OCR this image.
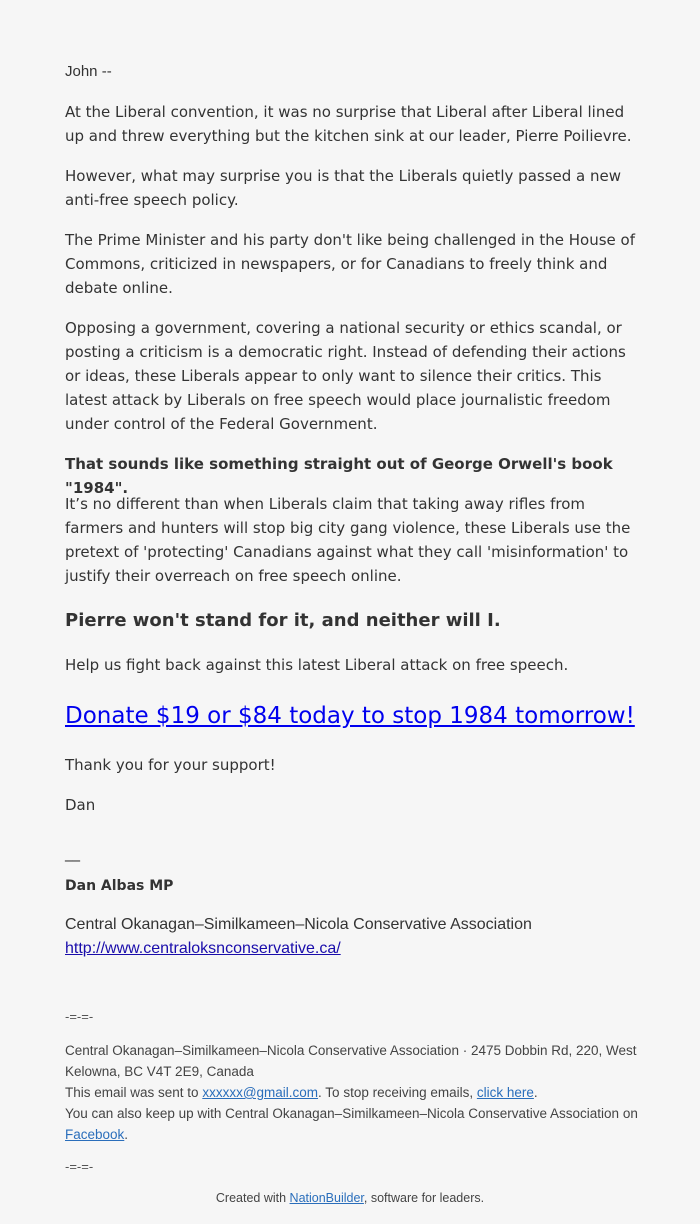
John --

At the Liberal convention, it was no surprise that Liberal after Liberal lined up and threw everything but the kitchen sink at our leader, Pierre Poilievre.

However, what may surprise you is that the Liberals quietly passed a new anti-free speech policy.

The Prime Minister and his party don't like being challenged in the House of Commons, criticized in newspapers, or for Canadians to freely think and debate online.

Opposing a government, covering a national security or ethics scandal, or posting a criticism is a democratic right. Instead of defending their actions or ideas, these Liberals appear to only want to silence their critics. This latest attack by Liberals on free speech would place journalistic freedom under control of the Federal Government.

That sounds like something straight out of George Orwell's book "1984".

It’s no different than when Liberals claim that taking away rifles from farmers and hunters will stop big city gang violence, these Liberals use the pretext of 'protecting' Canadians against what they call 'misinformation' to justify their overreach on free speech online.

Pierre won't stand for it, and neither will I.
Help us fight back against this latest Liberal attack on free speech.
Donate $19 or $84 today to stop 1984 tomorrow!
Thank you for your support!
Dan
__
Dan Albas MP
Central Okanagan–Similkameen–Nicola Conservative Association
http://www.centraloksnconservative.ca/
-=-=-

Central Okanagan–Similkameen–Nicola Conservative Association · 2475 Dobbin Rd, 220, West Kelowna, BC V4T 2E9, Canada
This email was sent to xxxxxx@gmail.com. To stop receiving emails, click here.
You can also keep up with Central Okanagan–Similkameen–Nicola Conservative Association on Facebook.

-=-=-
Created with NationBuilder, software for leaders.
